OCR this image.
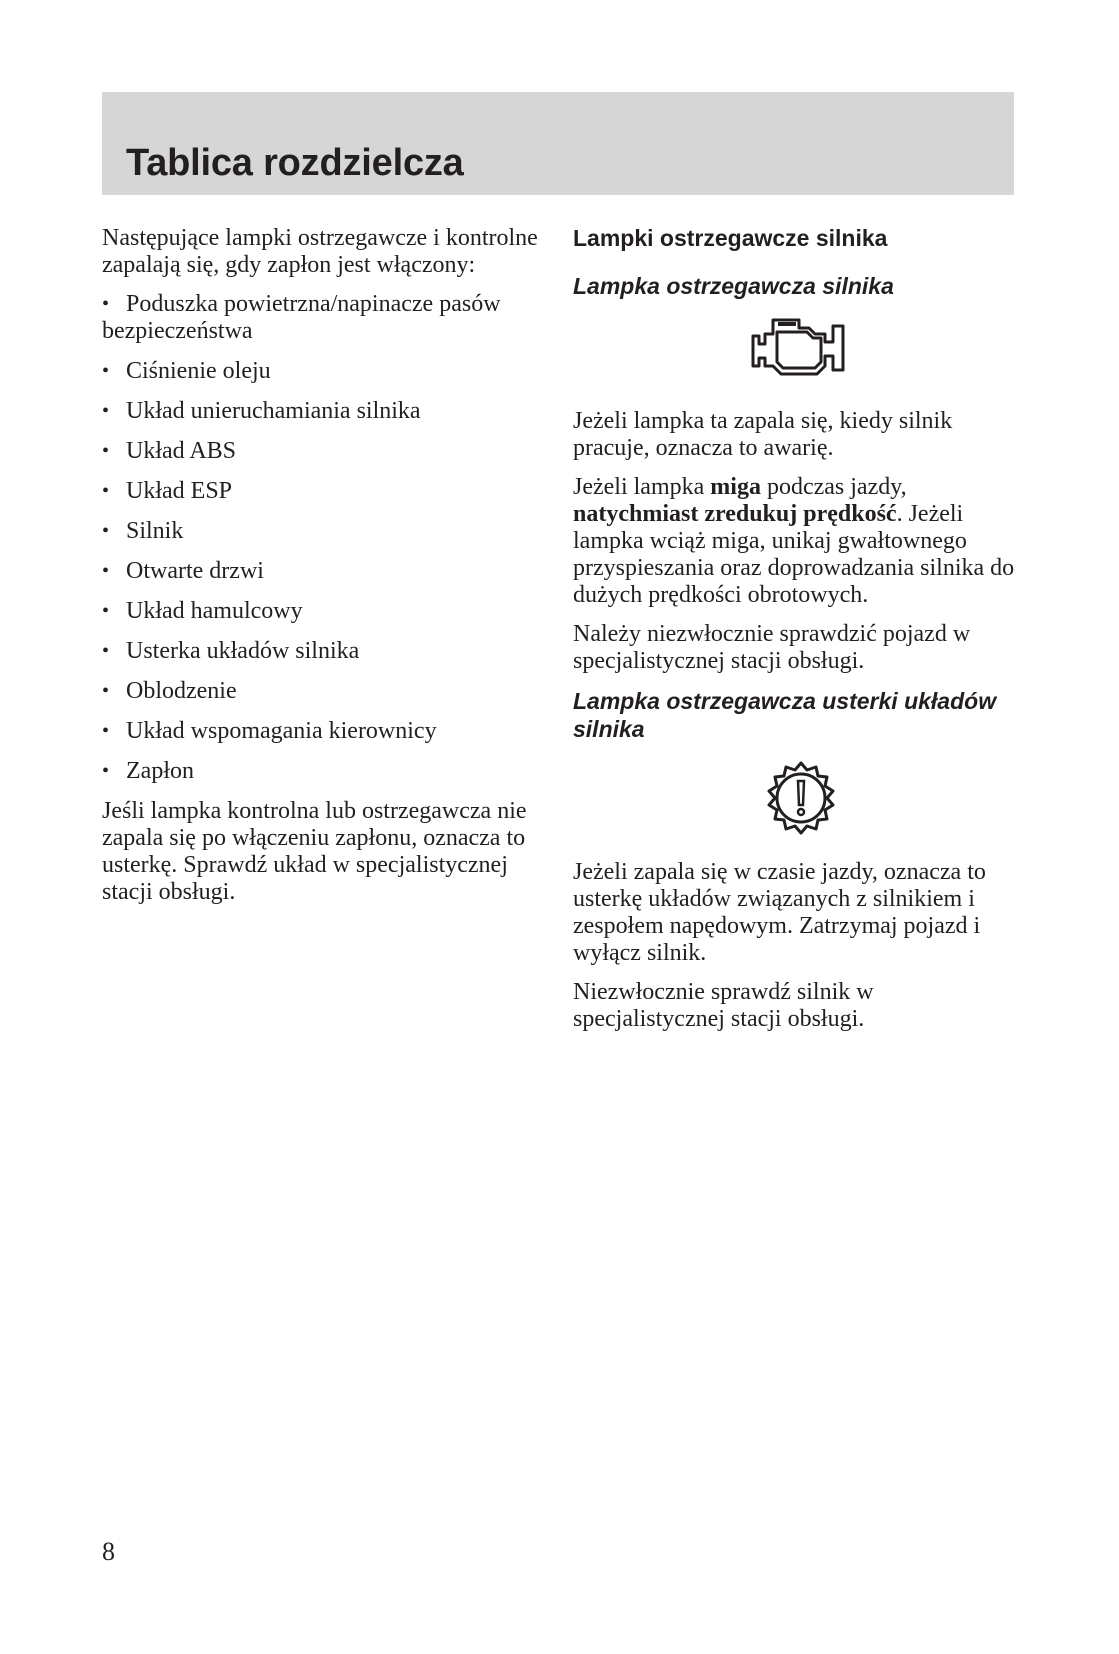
Tablica rozdzielcza

Następujące lampki ostrzegawcze i kontrolne zapalają się, gdy zapłon jest włączony:

• Poduszka powietrzna/napinacze pasów bezpieczeństwa
• Ciśnienie oleju
• Układ unieruchamiania silnika
• Układ ABS
• Układ ESP
• Silnik
• Otwarte drzwi
• Układ hamulcowy
• Usterka układów silnika
• Oblodzenie
• Układ wspomagania kierownicy
• Zapłon

Jeśli lampka kontrolna lub ostrzegawcza nie zapala się po włączeniu zapłonu, oznacza to usterkę. Sprawdź układ w specjalistycznej stacji obsługi.

Lampki ostrzegawcze silnika
Lampka ostrzegawcza silnika

Jeżeli lampka ta zapala się, kiedy silnik pracuje, oznacza to awarię.

Jeżeli lampka miga podczas jazdy, natychmiast zredukuj prędkość. Jeżeli lampka wciąż miga, unikaj gwałtownego przyspieszania oraz doprowadzania silnika do dużych prędkości obrotowych.

Należy niezwłocznie sprawdzić pojazd w specjalistycznej stacji obsługi.

Lampka ostrzegawcza usterki układów silnika

Jeżeli zapala się w czasie jazdy, oznacza to usterkę układów związanych z silnikiem i zespołem napędowym. Zatrzymaj pojazd i wyłącz silnik.

Niezwłocznie sprawdź silnik w specjalistycznej stacji obsługi.

8
